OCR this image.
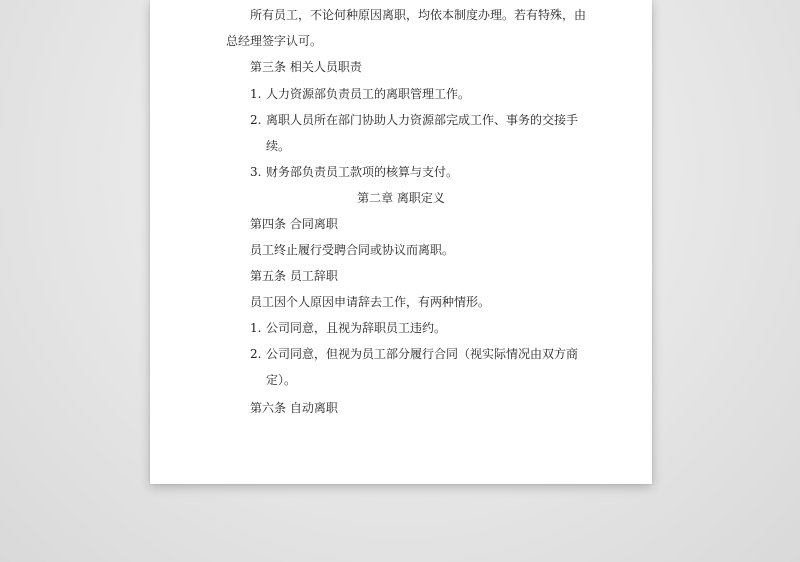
所有员工，不论何种原因离职，均依本制度办理。若有特殊，由
总经理签字认可。
第三条 相关人员职责
1. 人力资源部负责员工的离职管理工作。
2. 离职人员所在部门协助人力资源部完成工作、事务的交接手
续。
3. 财务部负责员工款项的核算与支付。
第二章 离职定义
第四条 合同离职
员工终止履行受聘合同或协议而离职。
第五条 员工辞职
员工因个人原因申请辞去工作，有两种情形。
1. 公司同意，且视为辞职员工违约。
2. 公司同意，但视为员工部分履行合同（视实际情况由双方商
定）。
第六条 自动离职
